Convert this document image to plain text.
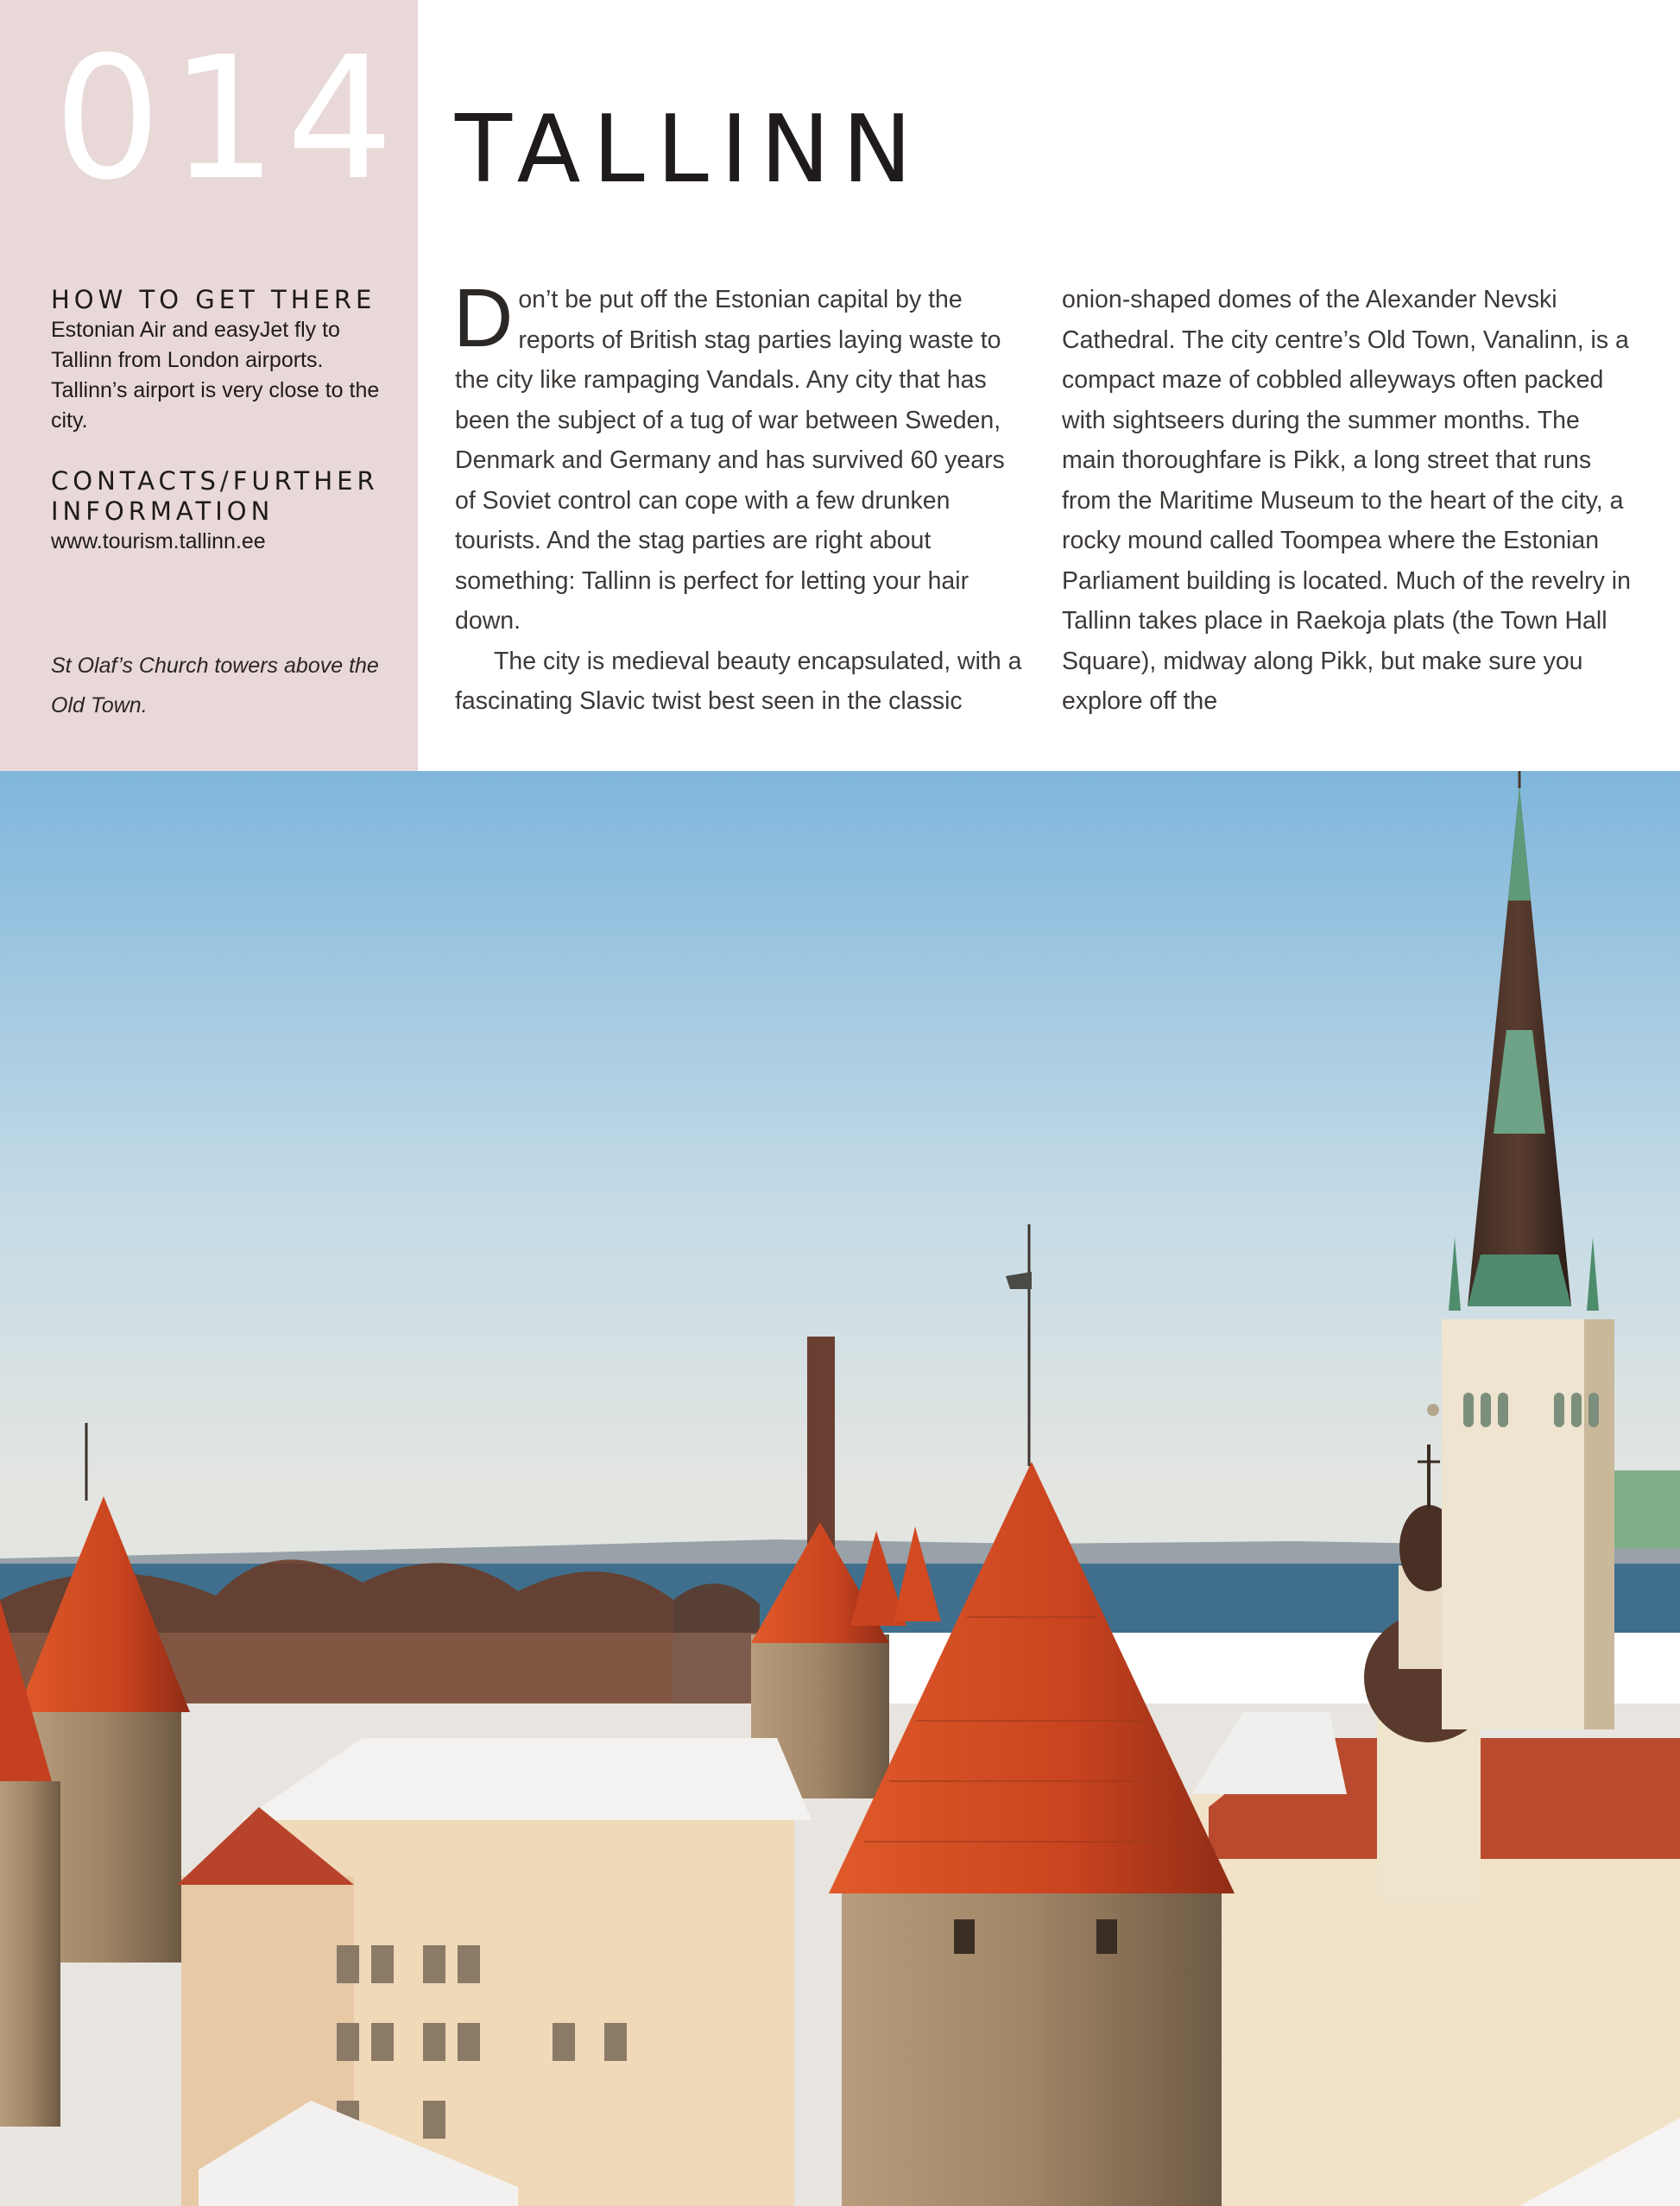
014
HOW TO GET THERE

Estonian Air and easyJet fly to Tallinn from London airports. Tallinn’s airport is very close to the city.

CONTACTS/FURTHER INFORMATION

www.tourism.tallinn.ee

St Olaf’s Church towers above the Old Town.

TALLINN

Don’t be put off the Estonian capital by the reports of British stag parties laying waste to the city like rampaging Vandals. Any city that has been the subject of a tug of war between Sweden, Denmark and Germany and has survived 60 years of Soviet control can cope with a few drunken tourists. And the stag parties are right about something: Tallinn is perfect for letting your hair down.

The city is medieval beauty encapsulated, with a fascinating Slavic twist best seen in the classic

onion-shaped domes of the Alexander Nevski Cathedral. The city centre’s Old Town, Vanalinn, is a compact maze of cobbled alleyways often packed with sightseers during the summer months. The main thoroughfare is Pikk, a long street that runs from the Maritime Museum to the heart of the city, a rocky mound called Toompea where the Estonian Parliament building is located. Much of the revelry in Tallinn takes place in Raekoja plats (the Town Hall Square), midway along Pikk, but make sure you explore off the
